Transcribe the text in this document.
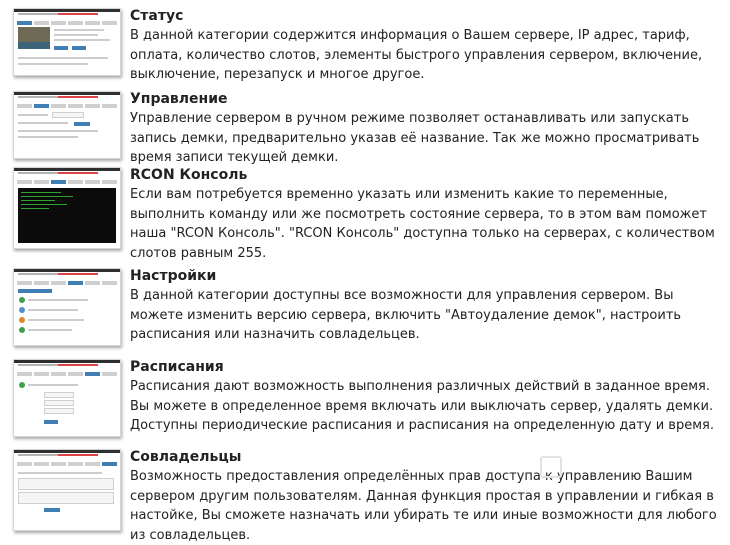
Статус

В данной категории содержится информация о Вашем сервере, IP адрес, тариф, оплата, количество слотов, элементы быстрого управления сервером, включение, выключение, перезапуск и многое другое.

Управление

Управление сервером в ручном режиме позволяет останавливать или запускать запись демки, предварительно указав её название. Так же можно просматривать время записи текущей демки.

RCON Консоль

Если вам потребуется временно указать или изменить какие то переменные, выполнить команду или же посмотреть состояние сервера, то в этом вам поможет наша "RCON Консоль". "RCON Консоль" доступна только на серверах, с количеством слотов равным 255.

Настройки

В данной категории доступны все возможности для управления сервером. Вы можете изменить версию сервера, включить "Автоудаление демок", настроить расписания или назначить совладельцев.

Расписания

Расписания дают возможность выполнения различных действий в заданное время. Вы можете в определенное время включать или выключать сервер, удалять демки. Доступны периодические расписания и расписания на определенную дату и время.

Совладельцы

Возможность предоставления определённых прав доступа к управлению Вашим сервером другим пользователям. Данная функция простая в управлении и гибкая в настойке, Вы сможете назначать или убирать те или иные возможности для любого из совладельцев.
